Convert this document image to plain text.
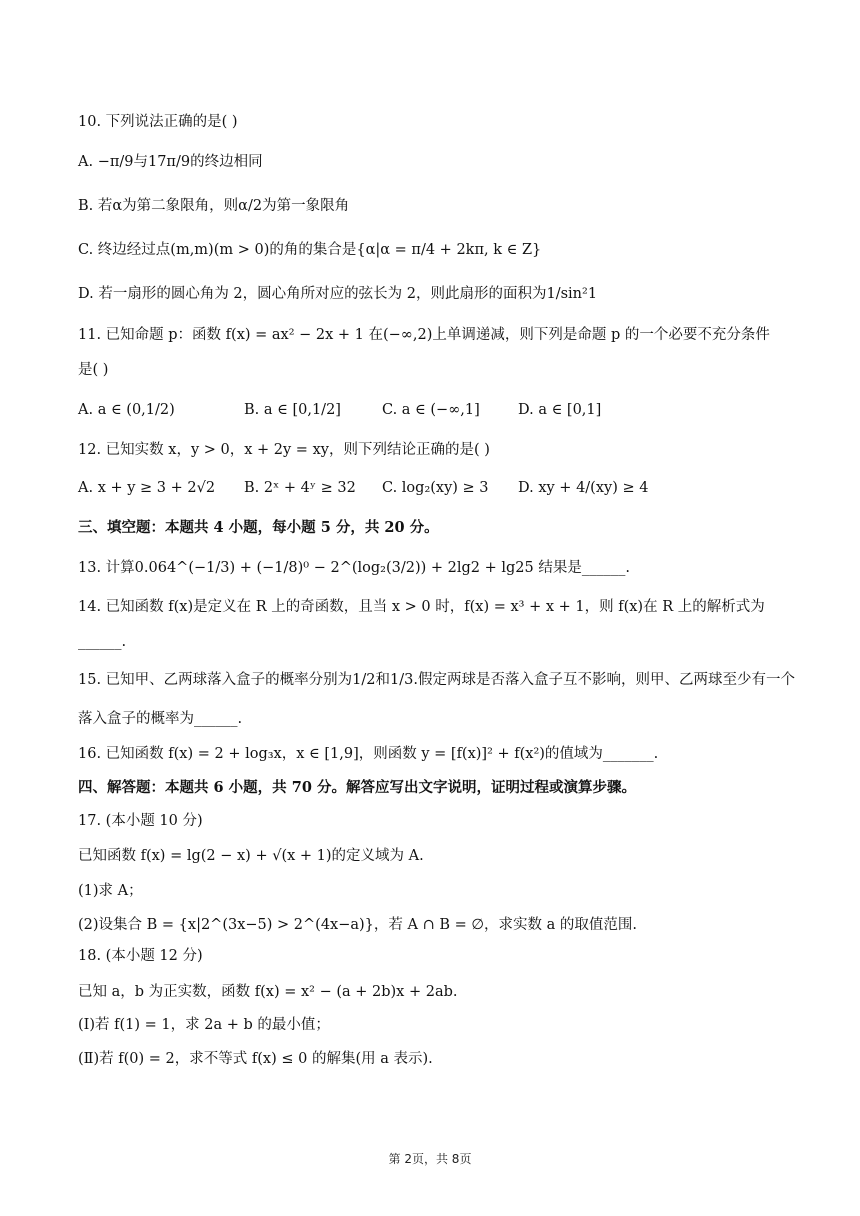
10. 下列说法正确的是( )
A. −π/9与17π/9的终边相同
B. 若α为第二象限角，则α/2为第一象限角
C. 终边经过点(m,m)(m > 0)的角的集合是{α|α = π/4 + 2kπ, k ∈ Z}
D. 若一扇形的圆心角为 2，圆心角所对应的弦长为 2，则此扇形的面积为1/sin²1
11. 已知命题 p：函数 f(x) = ax² − 2x + 1 在(−∞,2)上单调递减，则下列是命题 p 的一个必要不充分条件
是( )
A. a ∈ (0,1/2)	B. a ∈ [0,1/2]	C. a ∈ (−∞,1]	D. a ∈ [0,1]
12. 已知实数 x，y > 0，x + 2y = xy，则下列结论正确的是( )
A. x + y ≥ 3 + 2√2 B. 2ˣ + 4ʸ ≥ 32 C. log₂(xy) ≥ 3 D. xy + 4/(xy) ≥ 4
三、填空题：本题共 4 小题，每小题 5 分，共 20 分。
13. 计算0.064^(−1/3) + (−1/8)⁰ − 2^(log₂(3/2)) + 2lg2 + lg25 结果是______.
14. 已知函数 f(x)是定义在 R 上的奇函数，且当 x > 0 时，f(x) = x³ + x + 1，则 f(x)在 R 上的解析式为
______.
15. 已知甲、乙两球落入盒子的概率分别为1/2和1/3.假定两球是否落入盒子互不影响，则甲、乙两球至少有一个
落入盒子的概率为______.
16. 已知函数 f(x) = 2 + log₃x，x ∈ [1,9]，则函数 y = [f(x)]² + f(x²)的值域为_______.
四、解答题：本题共 6 小题，共 70 分。解答应写出文字说明，证明过程或演算步骤。
17. (本小题 10 分)
已知函数 f(x) = lg(2 − x) + √(x + 1)的定义域为 A.
(1)求 A；
(2)设集合 B = {x|2^(3x−5) > 2^(4x−a)}，若 A ∩ B = ∅，求实数 a 的取值范围.
18. (本小题 12 分)
已知 a，b 为正实数，函数 f(x) = x² − (a + 2b)x + 2ab.
(Ⅰ)若 f(1) = 1，求 2a + b 的最小值；
(Ⅱ)若 f(0) = 2，求不等式 f(x) ≤ 0 的解集(用 a 表示).
第 2页，共 8页
